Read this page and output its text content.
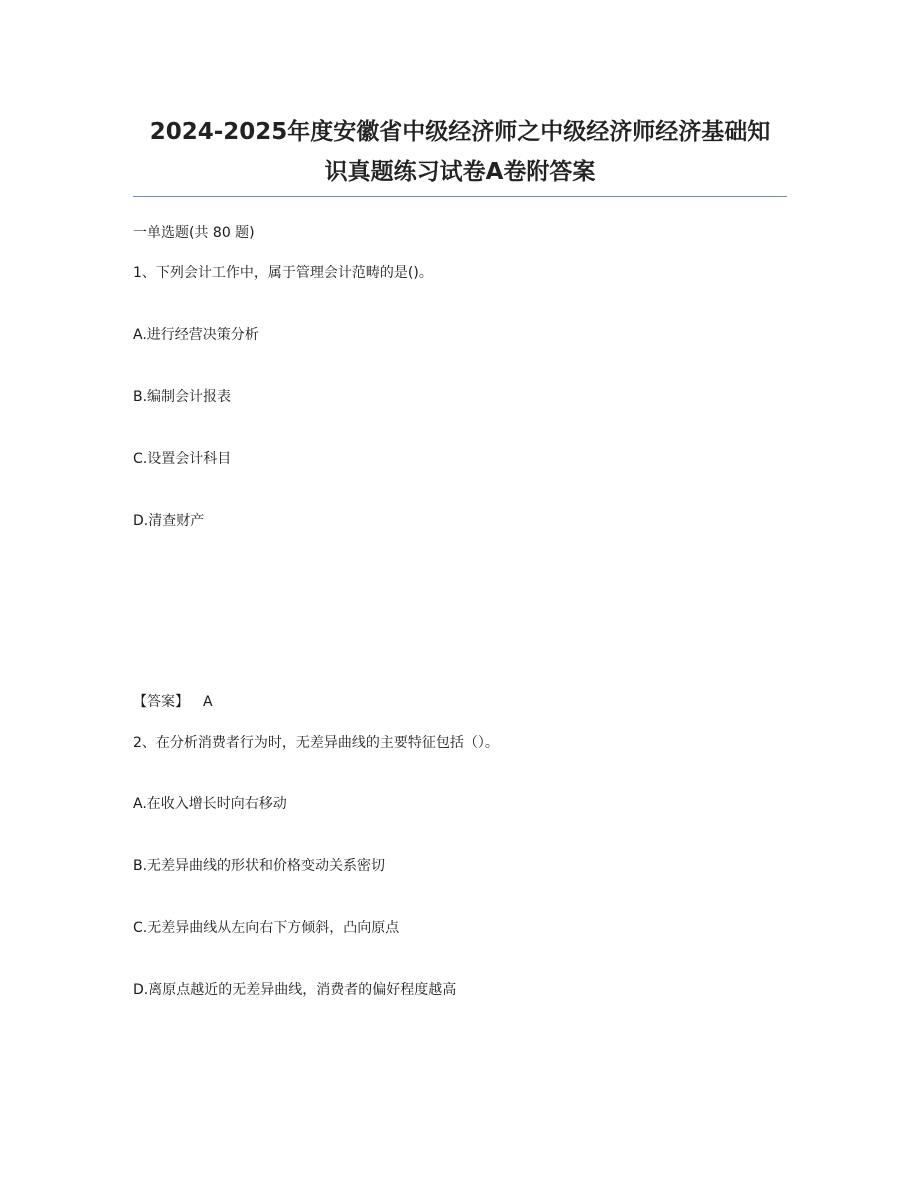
2024-2025年度安徽省中级经济师之中级经济师经济基础知
识真题练习试卷A卷附答案
一单选题(共 80 题)
1、下列会计工作中，属于管理会计范畴的是()。
A.进行经营决策分析
B.编制会计报表
C.设置会计科目
D.清查财产
【答案】 A
2、在分析消费者行为时，无差异曲线的主要特征包括（）。
A.在收入增长时向右移动
B.无差异曲线的形状和价格变动关系密切
C.无差异曲线从左向右下方倾斜，凸向原点
D.离原点越近的无差异曲线，消费者的偏好程度越高
